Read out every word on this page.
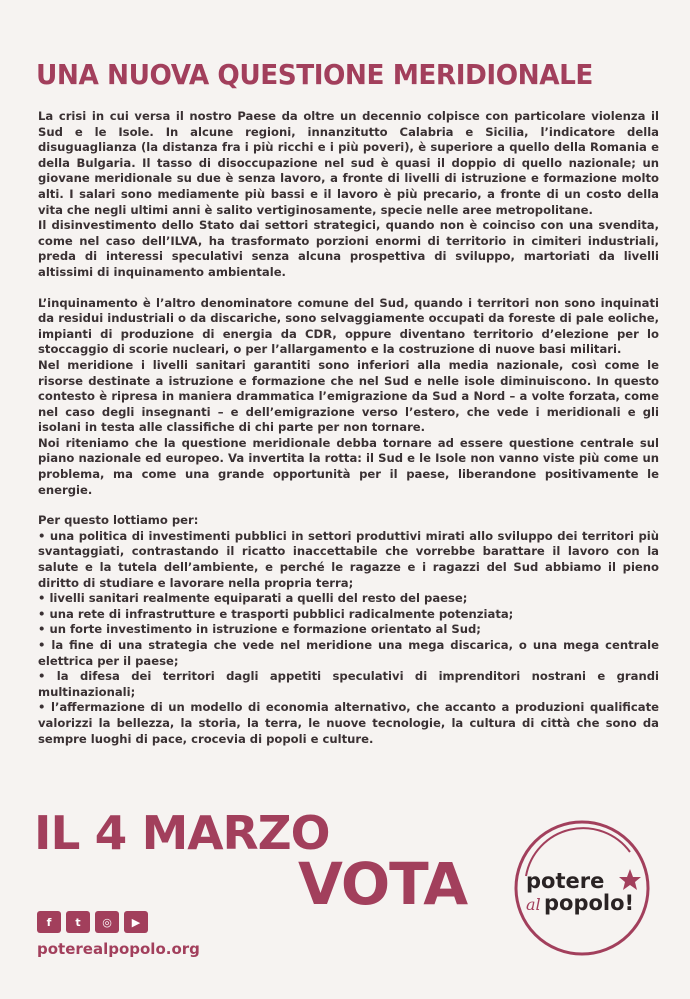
UNA NUOVA QUESTIONE MERIDIONALE

La crisi in cui versa il nostro Paese da oltre un decennio colpisce con particolare violenza il Sud e le Isole. In alcune regioni, innanzitutto Calabria e Sicilia, l’indicatore della disuguaglianza (la distanza fra i più ricchi e i più poveri), è superiore a quello della Romania e della Bulgaria. Il tasso di disoccupazione nel sud è quasi il doppio di quello nazionale; un giovane meridionale su due è senza lavoro, a fronte di livelli di istruzione e formazione molto alti. I salari sono mediamente più bassi e il lavoro è più precario, a fronte di un costo della vita che negli ultimi anni è salito vertiginosamente, specie nelle aree metropolitane.

Il disinvestimento dello Stato dai settori strategici, quando non è coinciso con una svendita, come nel caso dell’ILVA, ha trasformato porzioni enormi di territorio in cimiteri industriali, preda di interessi speculativi senza alcuna prospettiva di sviluppo, martoriati da livelli altissimi di inquinamento ambientale.

L’inquinamento è l’altro denominatore comune del Sud, quando i territori non sono inquinati da residui industriali o da discariche, sono selvaggiamente occupati da foreste di pale eoliche, impianti di produzione di energia da CDR, oppure diventano territorio d’elezione per lo stoccaggio di scorie nucleari, o per l’allargamento e la costruzione di nuove basi militari.

Nel meridione i livelli sanitari garantiti sono inferiori alla media nazionale, così come le risorse destinate a istruzione e formazione che nel Sud e nelle isole diminuiscono. In questo contesto è ripresa in maniera drammatica l’emigrazione da Sud a Nord – a volte forzata, come nel caso degli insegnanti – e dell’emigrazione verso l’estero, che vede i meridionali e gli isolani in testa alle classifiche di chi parte per non tornare.

Noi riteniamo che la questione meridionale debba tornare ad essere questione centrale sul piano nazionale ed europeo. Va invertita la rotta: il Sud e le Isole non vanno viste più come un problema, ma come una grande opportunità per il paese, liberandone positivamente le energie.

Per questo lottiamo per:

• una politica di investimenti pubblici in settori produttivi mirati allo sviluppo dei territori più svantaggiati, contrastando il ricatto inaccettabile che vorrebbe barattare il lavoro con la salute e la tutela dell’ambiente, e perché le ragazze e i ragazzi del Sud abbiamo il pieno diritto di studiare e lavorare nella propria terra;
• livelli sanitari realmente equiparati a quelli del resto del paese;
• una rete di infrastrutture e trasporti pubblici radicalmente potenziata;
• un forte investimento in istruzione e formazione orientato al Sud;
• la fine di una strategia che vede nel meridione una mega discarica, o una mega centrale elettrica per il paese;
• la difesa dei territori dagli appetiti speculativi di imprenditori nostrani e grandi multinazionali;
• l’affermazione di un modello di economia alternativo, che accanto a produzioni qualificate valorizzi la bellezza, la storia, la terra, le nuove tecnologie, la cultura di città che sono da sempre luoghi di pace, crocevia di popoli e culture.
IL 4 MARZO
VOTA
f	t	◎	▶
poterealpopolo.org
potere
al popolo!
